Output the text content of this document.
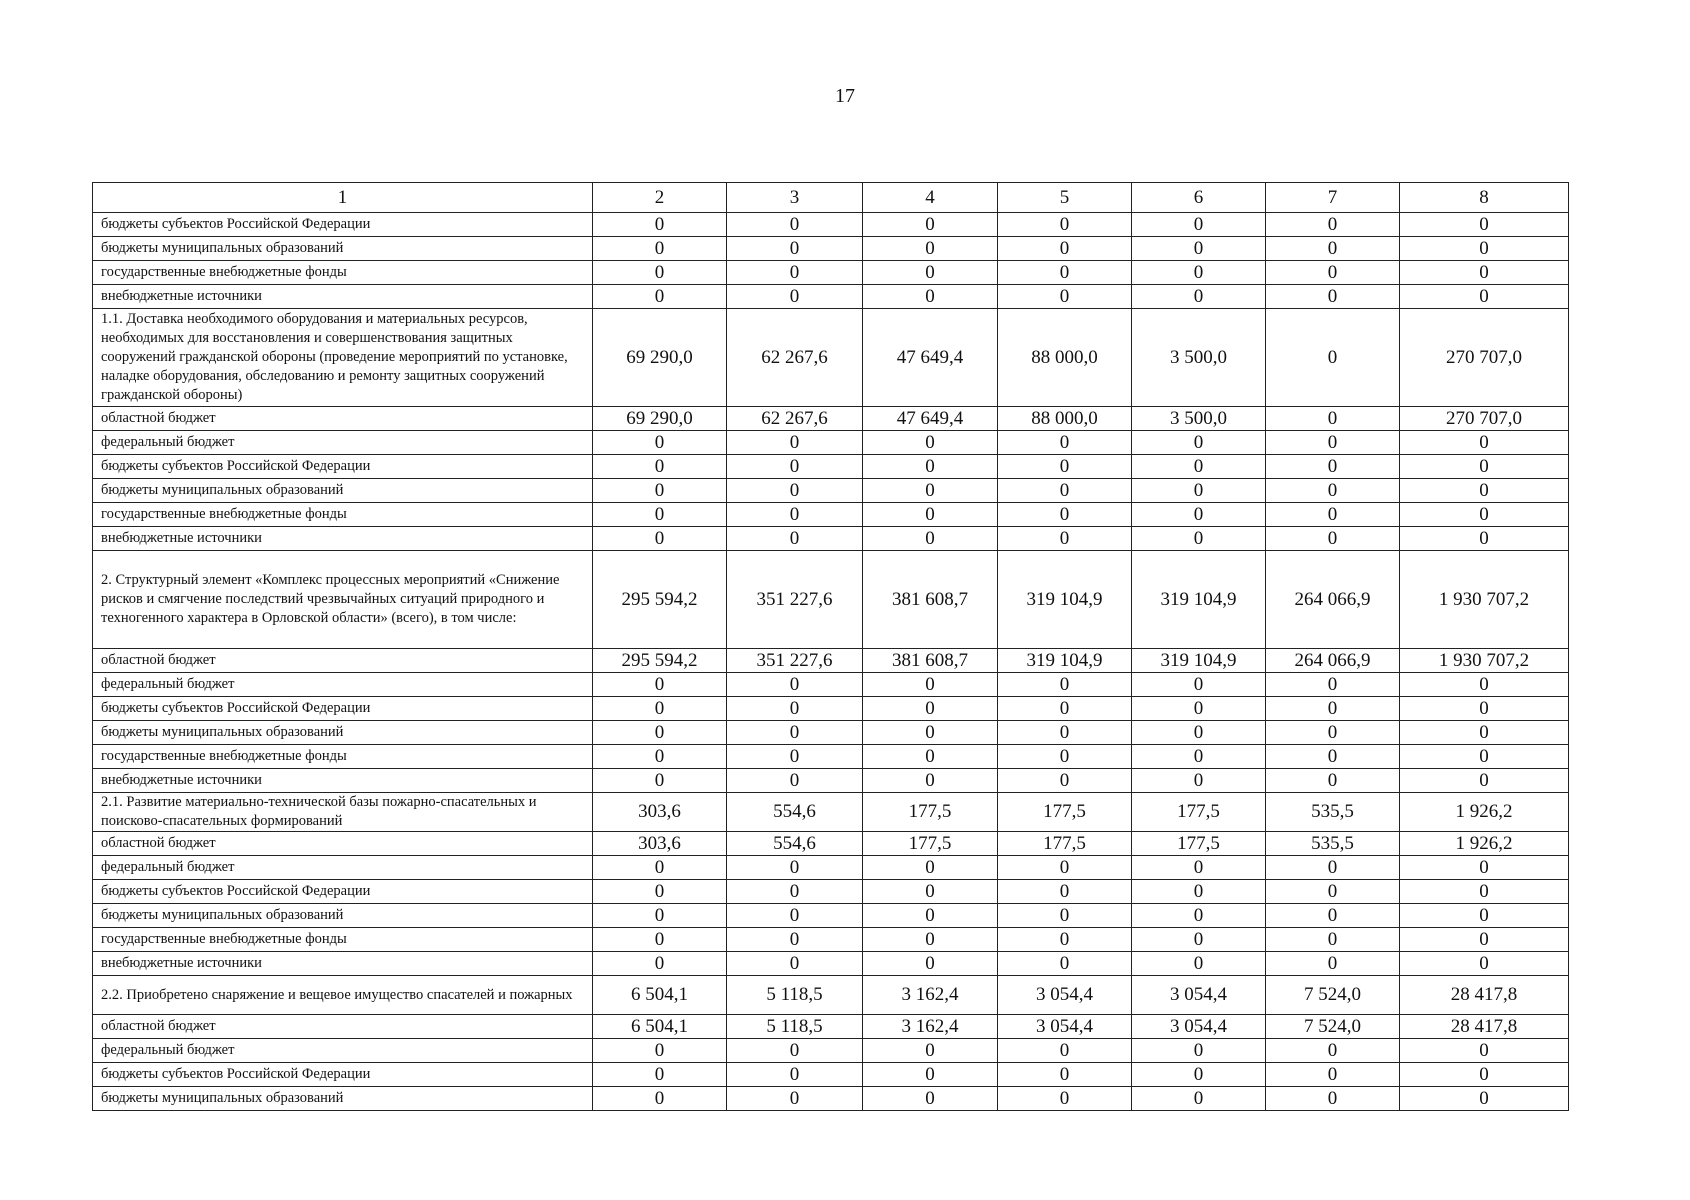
17
1	2	3	4	5	6	7	8
бюджеты субъектов Российской Федерации	0	0	0	0	0	0	0
бюджеты муниципальных образований	0	0	0	0	0	0	0
государственные внебюджетные фонды	0	0	0	0	0	0	0
внебюджетные источники	0	0	0	0	0	0	0
1.1. Доставка необходимого оборудования и материальных ресурсов, необходимых для восстановления и совершенствования защитных сооружений гражданской обороны (проведение мероприятий по установке, наладке оборудования, обследованию и ремонту защитных сооружений гражданской обороны)	69 290,0	62 267,6	47 649,4	88 000,0	3 500,0	0	270 707,0
областной бюджет	69 290,0	62 267,6	47 649,4	88 000,0	3 500,0	0	270 707,0
федеральный бюджет	0	0	0	0	0	0	0
бюджеты субъектов Российской Федерации	0	0	0	0	0	0	0
бюджеты муниципальных образований	0	0	0	0	0	0	0
государственные внебюджетные фонды	0	0	0	0	0	0	0
внебюджетные источники	0	0	0	0	0	0	0
2. Структурный элемент «Комплекс процессных мероприятий «Снижение рисков и смягчение последствий чрезвычайных ситуаций природного и техногенного характера в Орловской области» (всего), в том числе:	295 594,2	351 227,6	381 608,7	319 104,9	319 104,9	264 066,9	1 930 707,2
областной бюджет	295 594,2	351 227,6	381 608,7	319 104,9	319 104,9	264 066,9	1 930 707,2
федеральный бюджет	0	0	0	0	0	0	0
бюджеты субъектов Российской Федерации	0	0	0	0	0	0	0
бюджеты муниципальных образований	0	0	0	0	0	0	0
государственные внебюджетные фонды	0	0	0	0	0	0	0
внебюджетные источники	0	0	0	0	0	0	0
2.1. Развитие материально-технической базы пожарно-спасательных и поисково-спасательных формирований	303,6	554,6	177,5	177,5	177,5	535,5	1 926,2
областной бюджет	303,6	554,6	177,5	177,5	177,5	535,5	1 926,2
федеральный бюджет	0	0	0	0	0	0	0
бюджеты субъектов Российской Федерации	0	0	0	0	0	0	0
бюджеты муниципальных образований	0	0	0	0	0	0	0
государственные внебюджетные фонды	0	0	0	0	0	0	0
внебюджетные источники	0	0	0	0	0	0	0
2.2. Приобретено снаряжение и вещевое имущество спасателей и пожарных	6 504,1	5 118,5	3 162,4	3 054,4	3 054,4	7 524,0	28 417,8
областной бюджет	6 504,1	5 118,5	3 162,4	3 054,4	3 054,4	7 524,0	28 417,8
федеральный бюджет	0	0	0	0	0	0	0
бюджеты субъектов Российской Федерации	0	0	0	0	0	0	0
бюджеты муниципальных образований	0	0	0	0	0	0	0
